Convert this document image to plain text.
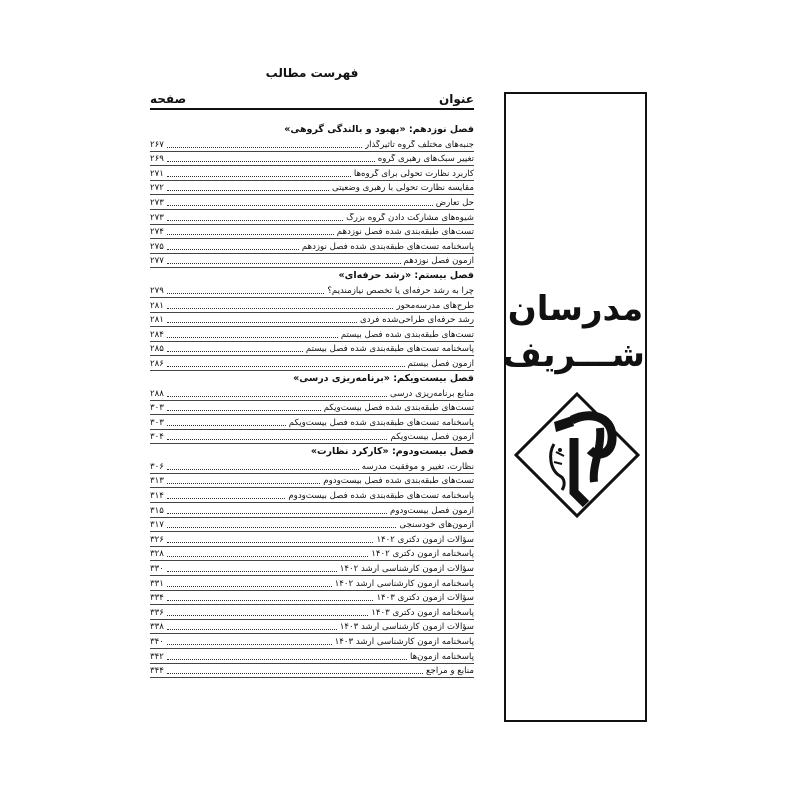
فهرست مطالب
عنوان
صفحه
فصل نوزدهم: «بهبود و بالندگی گروهی»
جنبه‌های مختلف گروه تأثیرگذار
۲۶۷
تغییر سبک‌های رهبری گروه
۲۶۹
کاربرد نظارت تحولی برای گروه‌ها
۲۷۱
مقایسه نظارت تحولی با رهبری وضعیتی
۲۷۲
حل تعارض
۲۷۳
شیوه‌های مشارکت دادن گروه بزرگ
۲۷۳
تست‌های طبقه‌بندی شده فصل نوزدهم
۲۷۴
پاسخنامه تست‌های طبقه‌بندی شده فصل نوزدهم
۲۷۵
آزمون فصل نوزدهم
۲۷۷
فصل بیستم: «رشد حرفه‌ای»
چرا به رشد حرفه‌ای یا تخصص نیازمندیم؟
۲۷۹
طرح‌های مدرسه‌محور
۲۸۱
رشد حرفه‌ای طراحی‌شده فردی
۲۸۱
تست‌های طبقه‌بندی شده فصل بیستم
۲۸۴
پاسخنامه تست‌های طبقه‌بندی شده فصل بیستم
۲۸۵
آزمون فصل بیستم
۲۸۶
فصل بیست‌ویکم: «برنامه‌ریزی درسی»
منابع برنامه‌ریزی درسی
۲۸۸
تست‌های طبقه‌بندی شده فصل بیست‌ویکم
۳۰۳
پاسخنامه تست‌های طبقه‌بندی شده فصل بیست‌ویکم
۳۰۳
آزمون فصل بیست‌ویکم
۳۰۴
فصل بیست‌ودوم: «کارکرد نظارت»
نظارت، تغییر و موفقیت مدرسه
۳۰۶
تست‌های طبقه‌بندی شده فصل بیست‌ودوم
۳۱۳
پاسخنامه تست‌های طبقه‌بندی شده فصل بیست‌ودوم
۳۱۴
آزمون فصل بیست‌ودوم
۳۱۵
آزمون‌های خودسنجی
۳۱۷
سؤالات آزمون دکتری ۱۴۰۲
۳۲۶
پاسخنامه آزمون دکتری ۱۴۰۲
۳۲۸
سؤالات آزمون کارشناسی ارشد ۱۴۰۲
۳۳۰
پاسخنامه آزمون کارشناسی ارشد ۱۴۰۲
۳۳۱
سؤالات آزمون دکتری ۱۴۰۳
۳۳۴
پاسخنامه آزمون دکتری ۱۴۰۳
۳۳۶
سؤالات آزمون کارشناسی ارشد ۱۴۰۳
۳۳۸
پاسخنامه آزمون کارشناسی ارشد ۱۴۰۳
۳۴۰
پاسخنامه آزمون‌ها
۳۴۲
منابع و مراجع
۳۴۴
مدرسان
شـــریف
